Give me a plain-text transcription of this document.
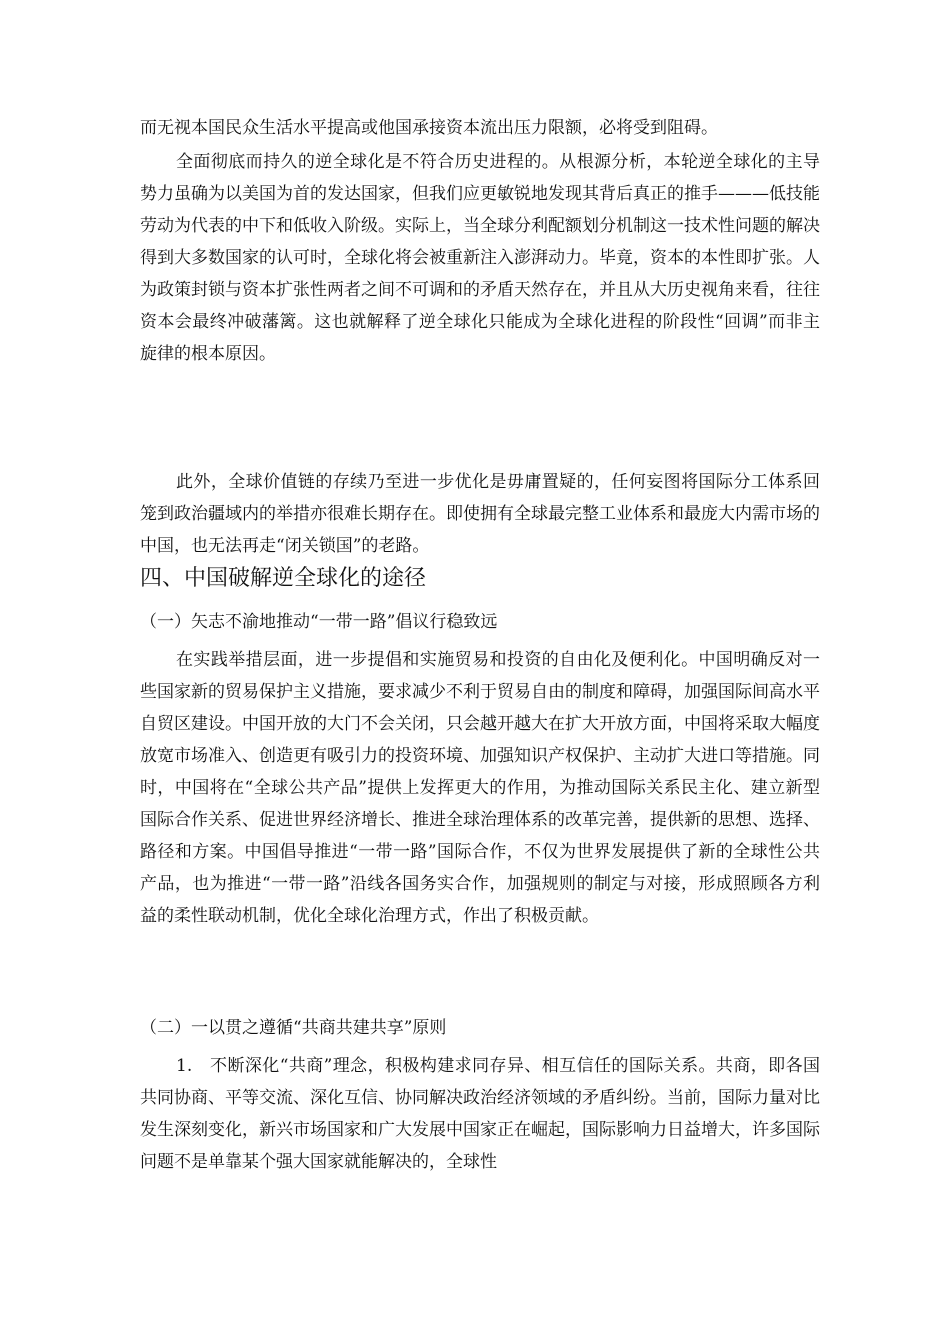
而无视本国民众生活水平提高或他国承接资本流出压力限额，必将受到阻碍。

全面彻底而持久的逆全球化是不符合历史进程的。从根源分析，本轮逆全球化的主导势力虽确为以美国为首的发达国家，但我们应更敏锐地发现其背后真正的推手———低技能劳动为代表的中下和低收入阶级。实际上，当全球分利配额划分机制这一技术性问题的解决得到大多数国家的认可时，全球化将会被重新注入澎湃动力。毕竟，资本的本性即扩张。人为政策封锁与资本扩张性两者之间不可调和的矛盾天然存在，并且从大历史视角来看，往往资本会最终冲破藩篱。这也就解释了逆全球化只能成为全球化进程的阶段性“回调”而非主旋律的根本原因。

此外，全球价值链的存续乃至进一步优化是毋庸置疑的，任何妄图将国际分工体系回笼到政治疆域内的举措亦很难长期存在。即使拥有全球最完整工业体系和最庞大内需市场的中国，也无法再走“闭关锁国”的老路。

四、中国破解逆全球化的途径

（一）矢志不渝地推动“一带一路”倡议行稳致远

在实践举措层面，进一步提倡和实施贸易和投资的自由化及便利化。中国明确反对一些国家新的贸易保护主义措施，要求减少不利于贸易自由的制度和障碍，加强国际间高水平自贸区建设。中国开放的大门不会关闭，只会越开越大在扩大开放方面，中国将采取大幅度放宽市场准入、创造更有吸引力的投资环境、加强知识产权保护、主动扩大进口等措施。同时，中国将在“全球公共产品”提供上发挥更大的作用，为推动国际关系民主化、建立新型国际合作关系、促进世界经济增长、推进全球治理体系的改革完善，提供新的思想、选择、路径和方案。中国倡导推进“一带一路”国际合作，不仅为世界发展提供了新的全球性公共产品，也为推进“一带一路”沿线各国务实合作，加强规则的制定与对接，形成照顾各方利益的柔性联动机制，优化全球化治理方式，作出了积极贡献。

（二）一以贯之遵循“共商共建共享”原则

1.　不断深化“共商”理念，积极构建求同存异、相互信任的国际关系。共商，即各国共同协商、平等交流、深化互信、协同解决政治经济领域的矛盾纠纷。当前，国际力量对比发生深刻变化，新兴市场国家和广大发展中国家正在崛起，国际影响力日益增大，许多国际问题不是单靠某个强大国家就能解决的，全球性
